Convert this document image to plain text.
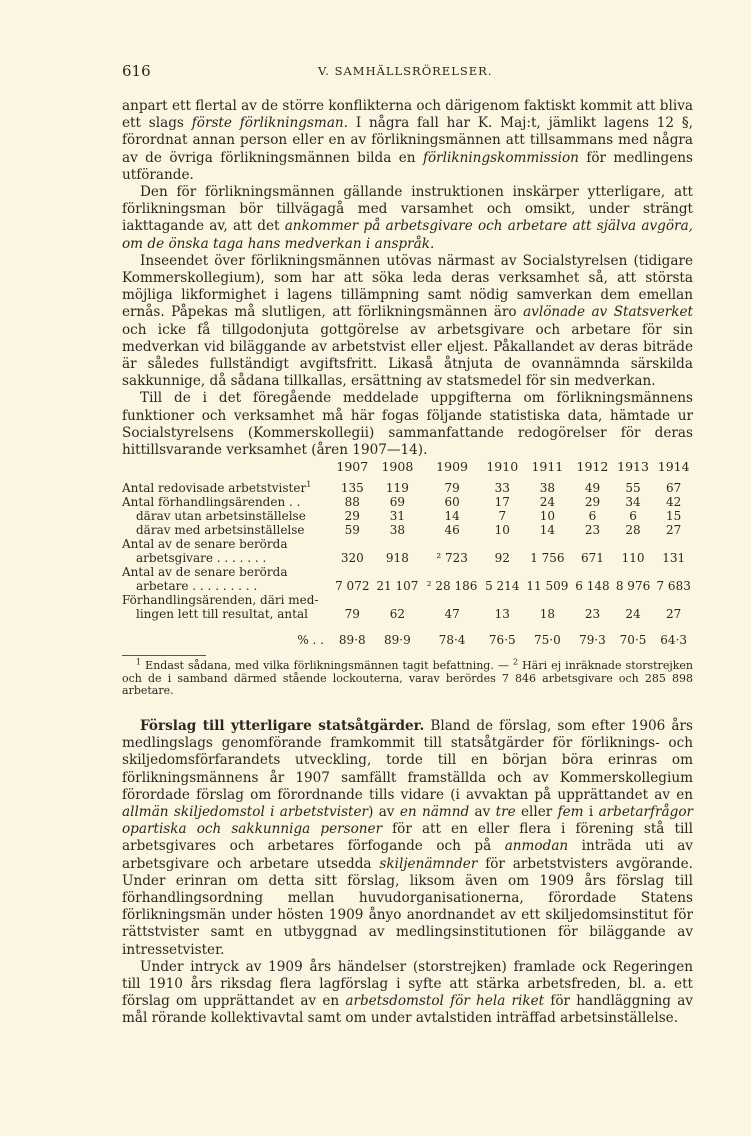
616	V. SAMHÄLLSRÖRELSER.

anpart ett flertal av de större konflikterna och därigenom faktiskt kommit att bliva ett slags förste förlikningsman. I några fall har K. Maj:t, jämlikt lagens 12 §, förordnat annan person eller en av förlikningsmännen att tillsammans med några av de övriga förlikningsmännen bilda en förlikningskommission för medlingens utförande.

Den för förlikningsmännen gällande instruktionen inskärper ytterligare, att förlikningsman bör tillvägagå med varsamhet och omsikt, under strängt iakttagande av, att det ankommer på arbetsgivare och arbetare att själva avgöra, om de önska taga hans medverkan i anspråk.

Inseendet över förlikningsmännen utövas närmast av Socialstyrelsen (tidigare Kommerskollegium), som har att söka leda deras verksamhet så, att största möjliga likformighet i lagens tillämpning samt nödig samverkan dem emellan ernås. Påpekas må slutligen, att förlikningsmännen äro avlönade av Statsverket och icke få tillgodonjuta gottgörelse av arbetsgivare och arbetare för sin medverkan vid biläggande av arbetstvist eller eljest. Påkallandet av deras biträde är således fullständigt avgiftsfritt. Likaså åtnjuta de ovannämnda särskilda sakkunnige, då sådana tillkallas, ersättning av statsmedel för sin medverkan.

Till de i det föregående meddelade uppgifterna om förlikningsmännens funktioner och verksamhet må här fogas följande statistiska data, hämtade ur Socialstyrelsens (Kommerskollegii) sammanfattande redogörelser för deras hittillsvarande verksamhet (åren 1907—14).

	1907	1908	1909	1910	1911	1912	1913	1914
Antal redovisade arbetstvister$^1$	135	119	79	33	38	49	55	67
Antal förhandlingsärenden . .	88	69	60	17	24	29	34	42
därav utan arbetsinställelse	29	31	14	7	10	6	6	15
därav med arbetsinställelse	59	38	46	10	14	23	28	27

Antal av de senare berörda
arbetsgivare . . . . . . .	320	918	² 723	92	1 756	671	110	131

Antal av de senare berörda
arbetare . . . . . . . . .	7 072	21 107	² 28 186	5 214	11 509	6 148	8 976	7 683

Förhandlingsärenden, däri med-
lingen lett till resultat, antal	79	62	47	13	18	23	24	27
% . .	89·8	89·9	78·4	76·5	75·0	79·3	70·5	64·3

$^1$ Endast sådana, med vilka förlikningsmännen tagit befattning. — $^2$ Häri ej inräknade storstrejken och de i samband därmed stående lockouterna, varav berördes 7 846 arbetsgivare och 285 898 arbetare.

Förslag till ytterligare statsåtgärder. Bland de förslag, som efter 1906 års medlingslags genomförande framkommit till statsåtgärder för förliknings- och skiljedomsförfarandets utveckling, torde till en början böra erinras om förlikningsmännens år 1907 samfällt framställda och av Kommerskollegium förordade förslag om förordnande tills vidare (i avvaktan på upprättandet av en allmän skiljedomstol i arbetstvister) av en nämnd av tre eller fem i arbetarfrågor opartiska och sakkunniga personer för att en eller flera i förening stå till arbetsgivares och arbetares förfogande och på anmodan inträda uti av arbetsgivare och arbetare utsedda skiljenämnder för arbetstvisters avgörande. Under erinran om detta sitt förslag, liksom även om 1909 års förslag till förhandlingsordning mellan huvudorganisationerna, förordade Statens förlikningsmän under hösten 1909 ånyo anordnandet av ett skiljedomsinstitut för rättstvister samt en utbyggnad av medlingsinstitutionen för biläggande av intressetvister.

Under intryck av 1909 års händelser (storstrejken) framlade ock Regeringen till 1910 års riksdag flera lagförslag i syfte att stärka arbetsfreden, bl. a. ett förslag om upprättandet av en arbetsdomstol för hela riket för handläggning av mål rörande kollektivavtal samt om under avtalstiden inträffad arbetsinställelse.
